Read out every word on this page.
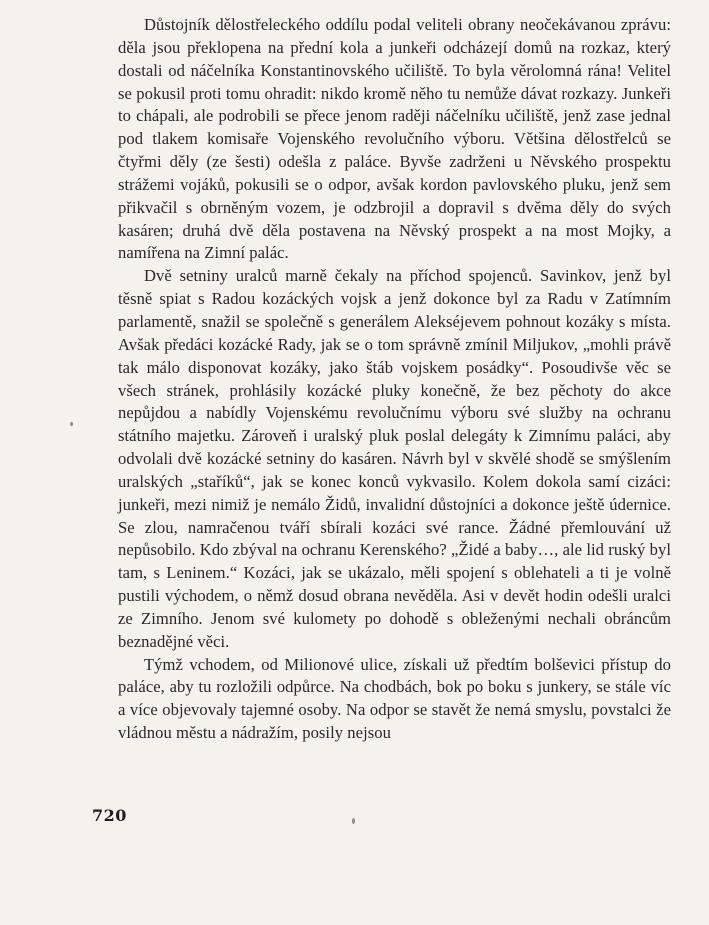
Důstojník dělostřeleckého oddílu podal veliteli obrany neočekávanou zprávu: děla jsou překlopena na přední kola a junkeři odcházejí domů na rozkaz, který dostali od náčelníka Konstantinovského učiliště. To byla věrolomná rána! Velitel se pokusil proti tomu ohradit: nikdo kromě něho tu nemůže dávat rozkazy. Junkeři to chápali, ale podrobili se přece jenom raději náčelníku učiliště, jenž zase jednal pod tlakem komisaře Vojenského revolučního výboru. Většina dělostřelců se čtyřmi děly (ze šesti) odešla z paláce. Byvše zadrženi u Něvského prospektu strážemi vojáků, pokusili se o odpor, avšak kordon pavlovského pluku, jenž sem přikvačil s obrněným vozem, je odzbrojil a dopravil s dvěma děly do svých kasáren; druhá dvě děla postavena na Něvský prospekt a na most Mojky, a namířena na Zimní palác.

Dvě setniny uralců marně čekaly na příchod spojenců. Savinkov, jenž byl těsně spiat s Radou kozáckých vojsk a jenž dokonce byl za Radu v Zatímním parlamentě, snažil se společně s generálem Alekséjevem pohnout kozáky s místa. Avšak předáci kozácké Rady, jak se o tom správně zmínil Miljukov, „mohli právě tak málo disponovat kozáky, jako štáb vojskem posádky“. Posoudivše věc se všech stránek, prohlásily kozácké pluky konečně, že bez pěchoty do akce nepůjdou a nabídly Vojenskému revolučnímu výboru své služby na ochranu státního majetku. Zároveň i uralský pluk poslal delegáty k Zimnímu paláci, aby odvolali dvě kozácké setniny do kasáren. Návrh byl v skvělé shodě se smýšlením uralských „staříků“, jak se konec konců vykvasilo. Kolem dokola samí cizáci: junkeři, mezi nimiž je nemálo Židů, invalidní důstojníci a dokonce ještě údernice. Se zlou, namračenou tváří sbírali kozáci své rance. Žádné přemlouvání už nepůsobilo. Kdo zbýval na ochranu Kerenského? „Židé a baby…, ale lid ruský byl tam, s Leninem.“ Kozáci, jak se ukázalo, měli spojení s oblehateli a ti je volně pustili východem, o němž dosud obrana nevěděla. Asi v devět hodin odešli uralci ze Zimního. Jenom své kulomety po dohodě s obleženými nechali obráncům beznadějné věci.

Týmž vchodem, od Milionové ulice, získali už předtím bolševici přístup do paláce, aby tu rozložili odpůrce. Na chodbách, bok po boku s junkery, se stále víc a více objevovaly tajemné osoby. Na odpor se stavět že nemá smyslu, povstalci že vládnou městu a nádražím, posily nejsou

720
